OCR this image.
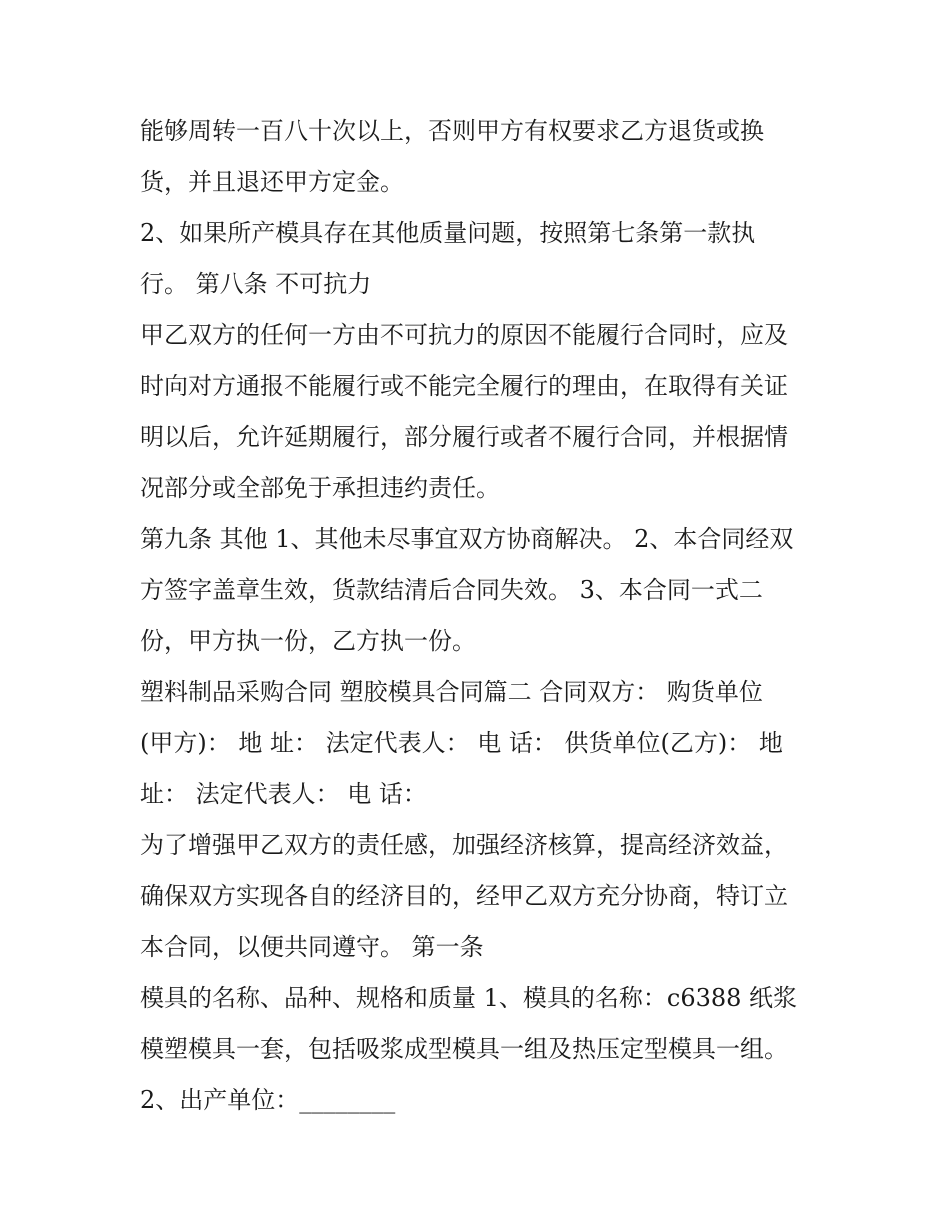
能够周转一百八十次以上，否则甲方有权要求乙方退货或换
货，并且退还甲方定金。
2、如果所产模具存在其他质量问题，按照第七条第一款执
行。 第八条 不可抗力
甲乙双方的任何一方由不可抗力的原因不能履行合同时，应及
时向对方通报不能履行或不能完全履行的理由，在取得有关证
明以后，允许延期履行，部分履行或者不履行合同，并根据情
况部分或全部免于承担违约责任。
第九条 其他 1、其他未尽事宜双方协商解决。 2、本合同经双
方签字盖章生效，货款结清后合同失效。 3、本合同一式二
份，甲方执一份，乙方执一份。
塑料制品采购合同 塑胶模具合同篇二 合同双方： 购货单位
(甲方)： 地 址： 法定代表人： 电 话： 供货单位(乙方)： 地
址： 法定代表人： 电 话：
为了增强甲乙双方的责任感，加强经济核算，提高经济效益，
确保双方实现各自的经济目的，经甲乙双方充分协商，特订立
本合同，以便共同遵守。 第一条
模具的名称、品种、规格和质量 1、模具的名称：c6388 纸浆
模塑模具一套，包括吸浆成型模具一组及热压定型模具一组。
2、出产单位：________
